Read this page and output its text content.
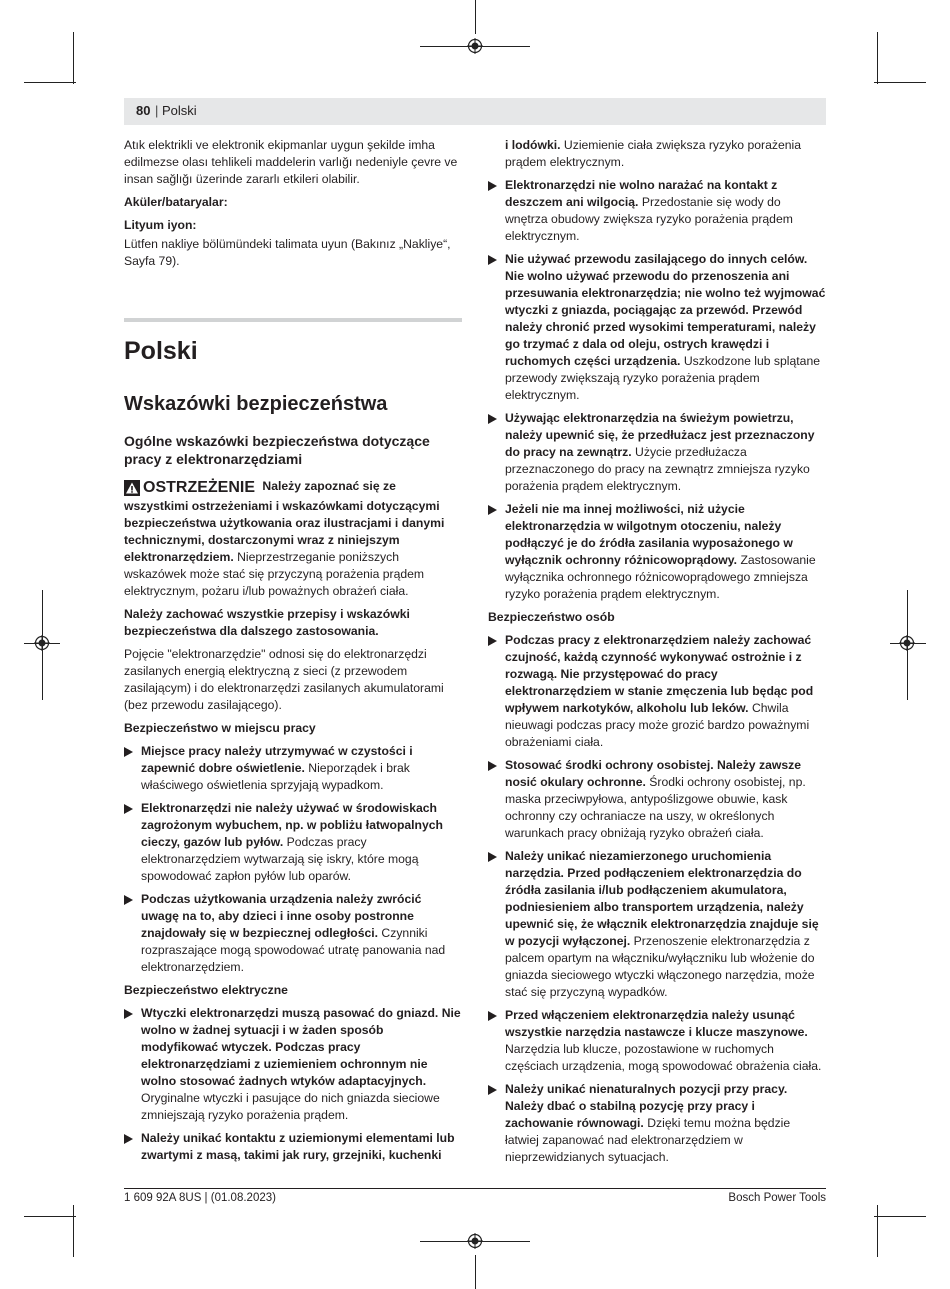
80 | Polski

Atık elektrikli ve elektronik ekipmanlar uygun şekilde imha edilmezse olası tehlikeli maddelerin varlığı nedeniyle çevre ve insan sağlığı üzerinde zararlı etkileri olabilir.

Aküler/bataryalar:

Lityum iyon:

Lütfen nakliye bölümündeki talimata uyun (Bakınız „Nakliye“, Sayfa 79).

Polski
Wskazówki bezpieczeństwa
Ogólne wskazówki bezpieczeństwa dotyczące pracy z elektronarzędziami

OSTRZEŻENIE Należy zapoznać się ze wszystkimi ostrzeżeniami i wskazówkami dotyczącymi bezpieczeństwa użytkowania oraz ilustracjami i danymi technicznymi, dostarczonymi wraz z niniejszym elektronarzędziem. Nieprzestrzeganie poniższych wskazówek może stać się przyczyną porażenia prądem elektrycznym, pożaru i/lub poważnych obrażeń ciała.

Należy zachować wszystkie przepisy i wskazówki bezpieczeństwa dla dalszego zastosowania.

Pojęcie "elektronarzędzie" odnosi się do elektronarzędzi zasilanych energią elektryczną z sieci (z przewodem zasilającym) i do elektronarzędzi zasilanych akumulatorami (bez przewodu zasilającego).

Bezpieczeństwo w miejscu pracy

Miejsce pracy należy utrzymywać w czystości i zapewnić dobre oświetlenie. Nieporządek i brak właściwego oświetlenia sprzyjają wypadkom.
Elektronarzędzi nie należy używać w środowiskach zagrożonym wybuchem, np. w pobliżu łatwopalnych cieczy, gazów lub pyłów. Podczas pracy elektronarzędziem wytwarzają się iskry, które mogą spowodować zapłon pyłów lub oparów.
Podczas użytkowania urządzenia należy zwrócić uwagę na to, aby dzieci i inne osoby postronne znajdowały się w bezpiecznej odległości. Czynniki rozpraszające mogą spowodować utratę panowania nad elektronarzędziem.

Bezpieczeństwo elektryczne

Wtyczki elektronarzędzi muszą pasować do gniazd. Nie wolno w żadnej sytuacji i w żaden sposób modyfikować wtyczek. Podczas pracy elektronarzędziami z uziemieniem ochronnym nie wolno stosować żadnych wtyków adaptacyjnych. Oryginalne wtyczki i pasujące do nich gniazda sieciowe zmniejszają ryzyko porażenia prądem.
Należy unikać kontaktu z uziemionymi elementami lub zwartymi z masą, takimi jak rury, grzejniki, kuchenki

i lodówki. Uziemienie ciała zwiększa ryzyko porażenia prądem elektrycznym.

Elektronarzędzi nie wolno narażać na kontakt z deszczem ani wilgocią. Przedostanie się wody do wnętrza obudowy zwiększa ryzyko porażenia prądem elektrycznym.
Nie używać przewodu zasilającego do innych celów. Nie wolno używać przewodu do przenoszenia ani przesuwania elektronarzędzia; nie wolno też wyjmować wtyczki z gniazda, pociągając za przewód. Przewód należy chronić przed wysokimi temperaturami, należy go trzymać z dala od oleju, ostrych krawędzi i ruchomych części urządzenia. Uszkodzone lub splątane przewody zwiększają ryzyko porażenia prądem elektrycznym.
Używając elektronarzędzia na świeżym powietrzu, należy upewnić się, że przedłużacz jest przeznaczony do pracy na zewnątrz. Użycie przedłużacza przeznaczonego do pracy na zewnątrz zmniejsza ryzyko porażenia prądem elektrycznym.
Jeżeli nie ma innej możliwości, niż użycie elektronarzędzia w wilgotnym otoczeniu, należy podłączyć je do źródła zasilania wyposażonego w wyłącznik ochronny różnicowoprądowy. Zastosowanie wyłącznika ochronnego różnicowoprądowego zmniejsza ryzyko porażenia prądem elektrycznym.

Bezpieczeństwo osób

Podczas pracy z elektronarzędziem należy zachować czujność, każdą czynność wykonywać ostrożnie i z rozwagą. Nie przystępować do pracy elektronarzędziem w stanie zmęczenia lub będąc pod wpływem narkotyków, alkoholu lub leków. Chwila nieuwagi podczas pracy może grozić bardzo poważnymi obrażeniami ciała.
Stosować środki ochrony osobistej. Należy zawsze nosić okulary ochronne. Środki ochrony osobistej, np. maska przeciwpyłowa, antypoślizgowe obuwie, kask ochronny czy ochraniacze na uszy, w określonych warunkach pracy obniżają ryzyko obrażeń ciała.
Należy unikać niezamierzonego uruchomienia narzędzia. Przed podłączeniem elektronarzędzia do źródła zasilania i/lub podłączeniem akumulatora, podniesieniem albo transportem urządzenia, należy upewnić się, że włącznik elektronarzędzia znajduje się w pozycji wyłączonej. Przenoszenie elektronarzędzia z palcem opartym na włączniku/wyłączniku lub włożenie do gniazda sieciowego wtyczki włączonego narzędzia, może stać się przyczyną wypadków.
Przed włączeniem elektronarzędzia należy usunąć wszystkie narzędzia nastawcze i klucze maszynowe. Narzędzia lub klucze, pozostawione w ruchomych częściach urządzenia, mogą spowodować obrażenia ciała.
Należy unikać nienaturalnych pozycji przy pracy. Należy dbać o stabilną pozycję przy pracy i zachowanie równowagi. Dzięki temu można będzie łatwiej zapanować nad elektronarzędziem w nieprzewidzianych sytuacjach.
1 609 92A 8US | (01.08.2023)	Bosch Power Tools
